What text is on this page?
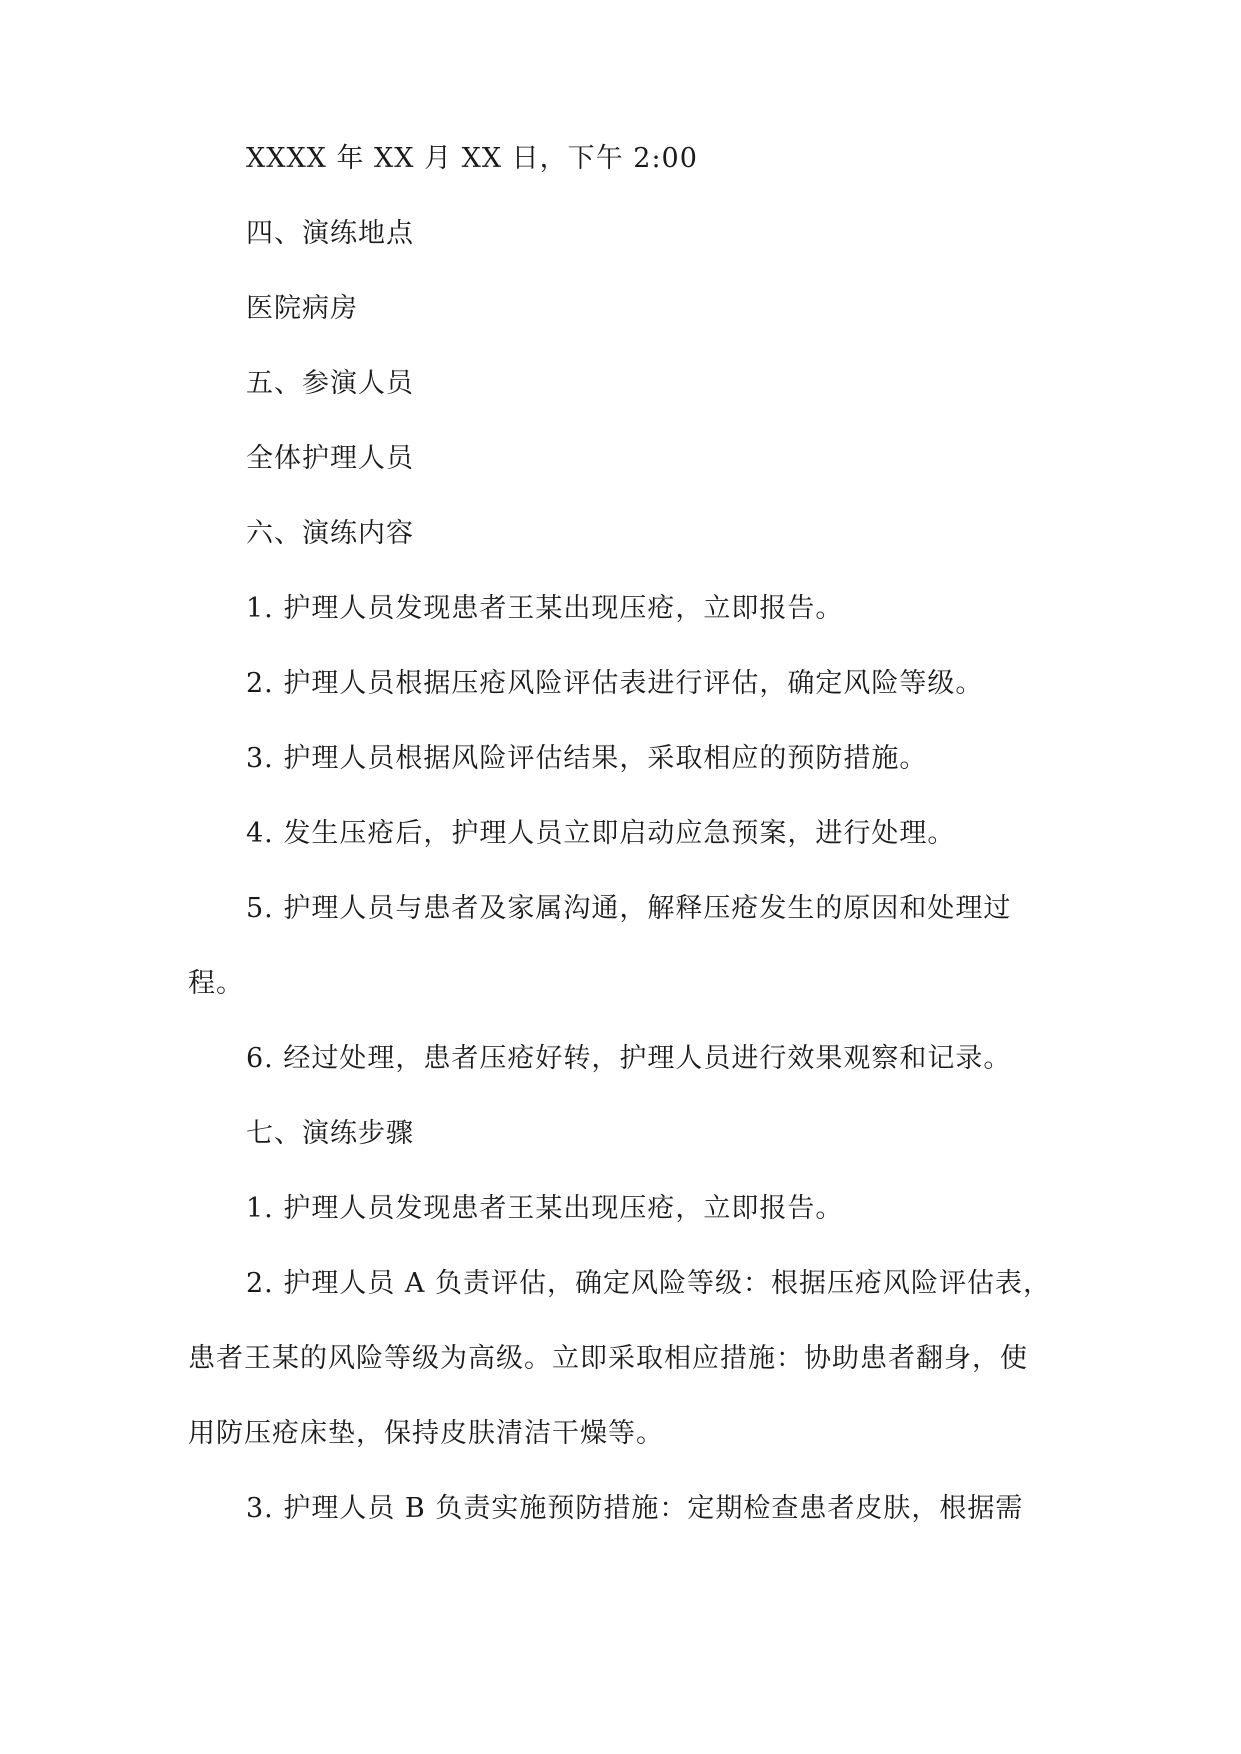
XXXX 年 XX 月 XX 日，下午 2:00

四、演练地点

医院病房

五、参演人员

全体护理人员

六、演练内容

1. 护理人员发现患者王某出现压疮，立即报告。

2. 护理人员根据压疮风险评估表进行评估，确定风险等级。

3. 护理人员根据风险评估结果，采取相应的预防措施。

4. 发生压疮后，护理人员立即启动应急预案，进行处理。

5. 护理人员与患者及家属沟通，解释压疮发生的原因和处理过程。

6. 经过处理，患者压疮好转，护理人员进行效果观察和记录。

七、演练步骤

1. 护理人员发现患者王某出现压疮，立即报告。

2. 护理人员 A 负责评估，确定风险等级：根据压疮风险评估表，患者王某的风险等级为高级。立即采取相应措施：协助患者翻身，使用防压疮床垫，保持皮肤清洁干燥等。

3. 护理人员 B 负责实施预防措施：定期检查患者皮肤，根据需
